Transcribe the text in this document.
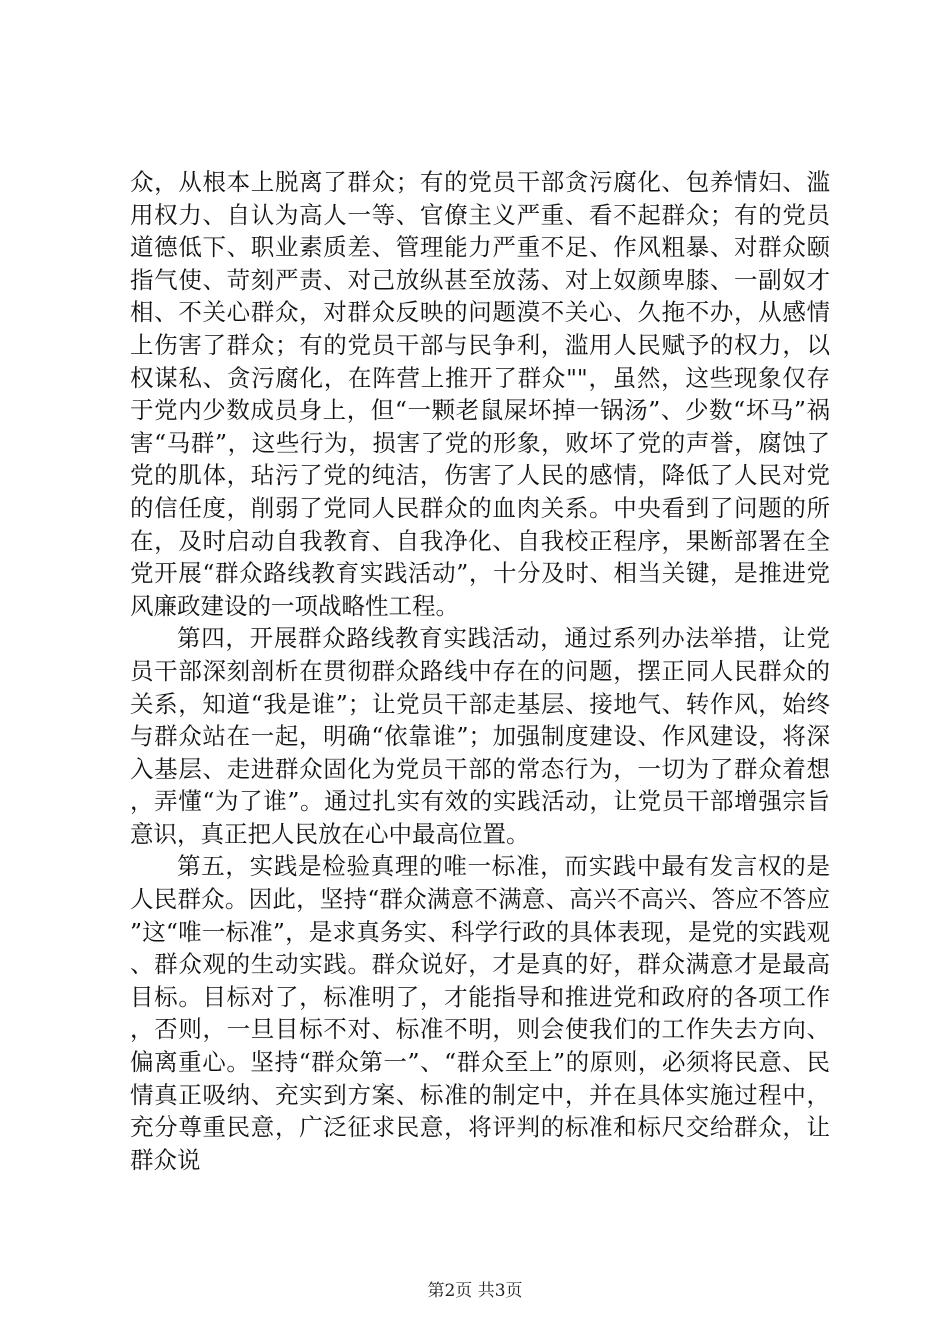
众，从根本上脱离了群众；有的党员干部贪污腐化、包养情妇、滥用权力、自认为高人一等、官僚主义严重、看不起群众；有的党员道德低下、职业素质差、管理能力严重不足、作风粗暴、对群众颐指气使、苛刻严责、对己放纵甚至放荡、对上奴颜卑膝、一副奴才相、不关心群众，对群众反映的问题漠不关心、久拖不办，从感情上伤害了群众；有的党员干部与民争利，滥用人民赋予的权力，以权谋私、贪污腐化，在阵营上推开了群众""，虽然，这些现象仅存于党内少数成员身上，但“一颗老鼠屎坏掉一锅汤”、少数“坏马”祸害“马群”，这些行为，损害了党的形象，败坏了党的声誉，腐蚀了党的肌体，玷污了党的纯洁，伤害了人民的感情，降低了人民对党的信任度，削弱了党同人民群众的血肉关系。中央看到了问题的所在，及时启动自我教育、自我净化、自我校正程序，果断部署在全党开展“群众路线教育实践活动”，十分及时、相当关键，是推进党风廉政建设的一项战略性工程。

第四，开展群众路线教育实践活动，通过系列办法举措，让党员干部深刻剖析在贯彻群众路线中存在的问题，摆正同人民群众的关系，知道“我是谁”；让党员干部走基层、接地气、转作风，始终与群众站在一起，明确“依靠谁”；加强制度建设、作风建设，将深入基层、走进群众固化为党员干部的常态行为，一切为了群众着想，弄懂“为了谁”。通过扎实有效的实践活动，让党员干部增强宗旨意识，真正把人民放在心中最高位置。

第五，实践是检验真理的唯一标准，而实践中最有发言权的是人民群众。因此，坚持“群众满意不满意、高兴不高兴、答应不答应”这“唯一标准”，是求真务实、科学行政的具体表现，是党的实践观、群众观的生动实践。群众说好，才是真的好，群众满意才是最高目标。目标对了，标准明了，才能指导和推进党和政府的各项工作，否则，一旦目标不对、标准不明，则会使我们的工作失去方向、偏离重心。坚持“群众第一”、“群众至上”的原则，必须将民意、民情真正吸纳、充实到方案、标准的制定中，并在具体实施过程中，充分尊重民意，广泛征求民意，将评判的标准和标尺交给群众，让群众说

第2页 共3页
